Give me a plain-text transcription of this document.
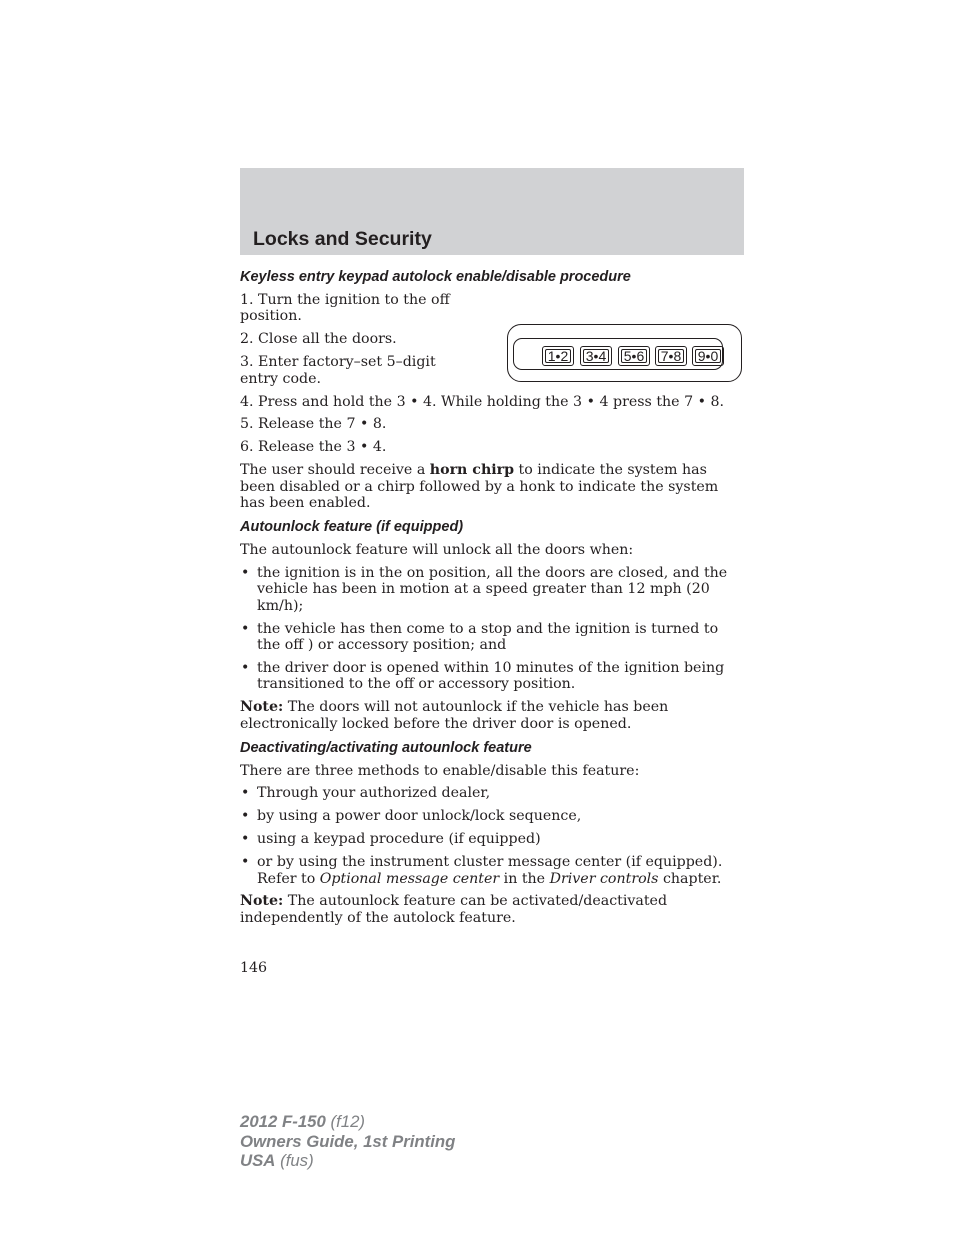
Locks and Security
Keyless entry keypad autolock enable/disable procedure

1. Turn the ignition to the off position.

2. Close all the doors.

3. Enter factory–set 5–digit entry code.

4. Press and hold the 3 • 4. While holding the 3 • 4 press the 7 • 8.

5. Release the 7 • 8.

6. Release the 3 • 4.

1•2	3•4	5•6	7•8	9•0

The user should receive a horn chirp to indicate the system has been disabled or a chirp followed by a honk to indicate the system has been enabled.

Autounlock feature (if equipped)

The autounlock feature will unlock all the doors when:

• the ignition is in the on position, all the doors are closed, and the vehicle has been in motion at a speed greater than 12 mph (20 km/h);
• the vehicle has then come to a stop and the ignition is turned to the off ) or accessory position; and
• the driver door is opened within 10 minutes of the ignition being transitioned to the off or accessory position.

Note: The doors will not autounlock if the vehicle has been electronically locked before the driver door is opened.

Deactivating/activating autounlock feature

There are three methods to enable/disable this feature:

• Through your authorized dealer,
• by using a power door unlock/lock sequence,
• using a keypad procedure (if equipped)
• or by using the instrument cluster message center (if equipped). Refer to Optional message center in the Driver controls chapter.

Note: The autounlock feature can be activated/deactivated independently of the autolock feature.

146
2012 F-150 (f12)
Owners Guide, 1st Printing
USA (fus)
